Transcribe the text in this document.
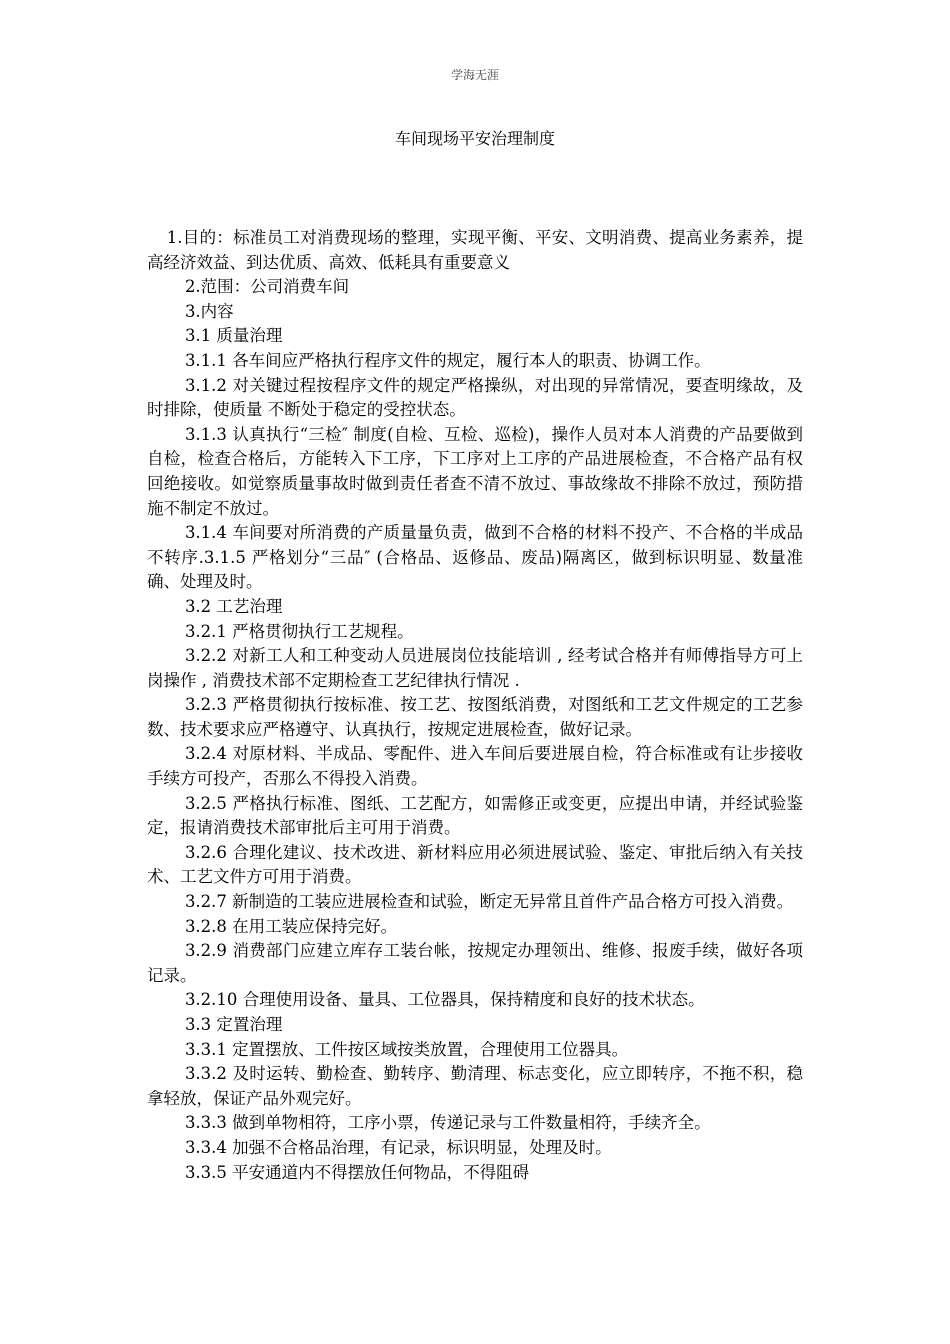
学海无涯
车间现场平安治理制度

1.目的：标准员工对消费现场的整理，实现平衡、平安、文明消费、提高业务素养，提高经济效益、到达优质、高效、低耗具有重要意义

2.范围：公司消费车间

3.内容

3.1 质量治理

3.1.1 各车间应严格执行程序文件的规定，履行本人的职责、协调工作。

3.1.2 对关键过程按程序文件的规定严格操纵，对出现的异常情况，要查明缘故，及时排除，使质量 不断处于稳定的受控状态。

3.1.3 认真执行“三检″ 制度(自检、互检、巡检)，操作人员对本人消费的产品要做到自检，检查合格后，方能转入下工序，下工序对上工序的产品进展检查，不合格产品有权回绝接收。如觉察质量事故时做到责任者查不清不放过、事故缘故不排除不放过，预防措施不制定不放过。

3.1.4 车间要对所消费的产质量量负责，做到不合格的材料不投产、不合格的半成品不转序.3.1.5 严格划分“三品″ (合格品、返修品、废品)隔离区，做到标识明显、数量准确、处理及时。

3.2 工艺治理

3.2.1 严格贯彻执行工艺规程。

3.2.2 对新工人和工种变动人员进展岗位技能培训 , 经考试合格并有师傅指导方可上岗操作 , 消费技术部不定期检查工艺纪律执行情况 .

3.2.3 严格贯彻执行按标准、按工艺、按图纸消费，对图纸和工艺文件规定的工艺参数、技术要求应严格遵守、认真执行，按规定进展检查，做好记录。

3.2.4 对原材料、半成品、零配件、进入车间后要进展自检，符合标准或有让步接收手续方可投产，否那么不得投入消费。

3.2.5 严格执行标准、图纸、工艺配方，如需修正或变更，应提出申请，并经试验鉴定，报请消费技术部审批后主可用于消费。

3.2.6 合理化建议、技术改进、新材料应用必须进展试验、鉴定、审批后纳入有关技术、工艺文件方可用于消费。

3.2.7 新制造的工装应进展检查和试验，断定无异常且首件产品合格方可投入消费。

3.2.8 在用工装应保持完好。

3.2.9 消费部门应建立库存工装台帐，按规定办理领出、维修、报废手续，做好各项记录。

3.2.10 合理使用设备、量具、工位器具，保持精度和良好的技术状态。

3.3 定置治理

3.3.1 定置摆放、工件按区域按类放置，合理使用工位器具。

3.3.2 及时运转、勤检查、勤转序、勤清理、标志变化，应立即转序，不拖不积，稳拿轻放，保证产品外观完好。

3.3.3 做到单物相符，工序小票，传递记录与工件数量相符，手续齐全。

3.3.4 加强不合格品治理，有记录，标识明显，处理及时。

3.3.5 平安通道内不得摆放任何物品，不得阻碍
